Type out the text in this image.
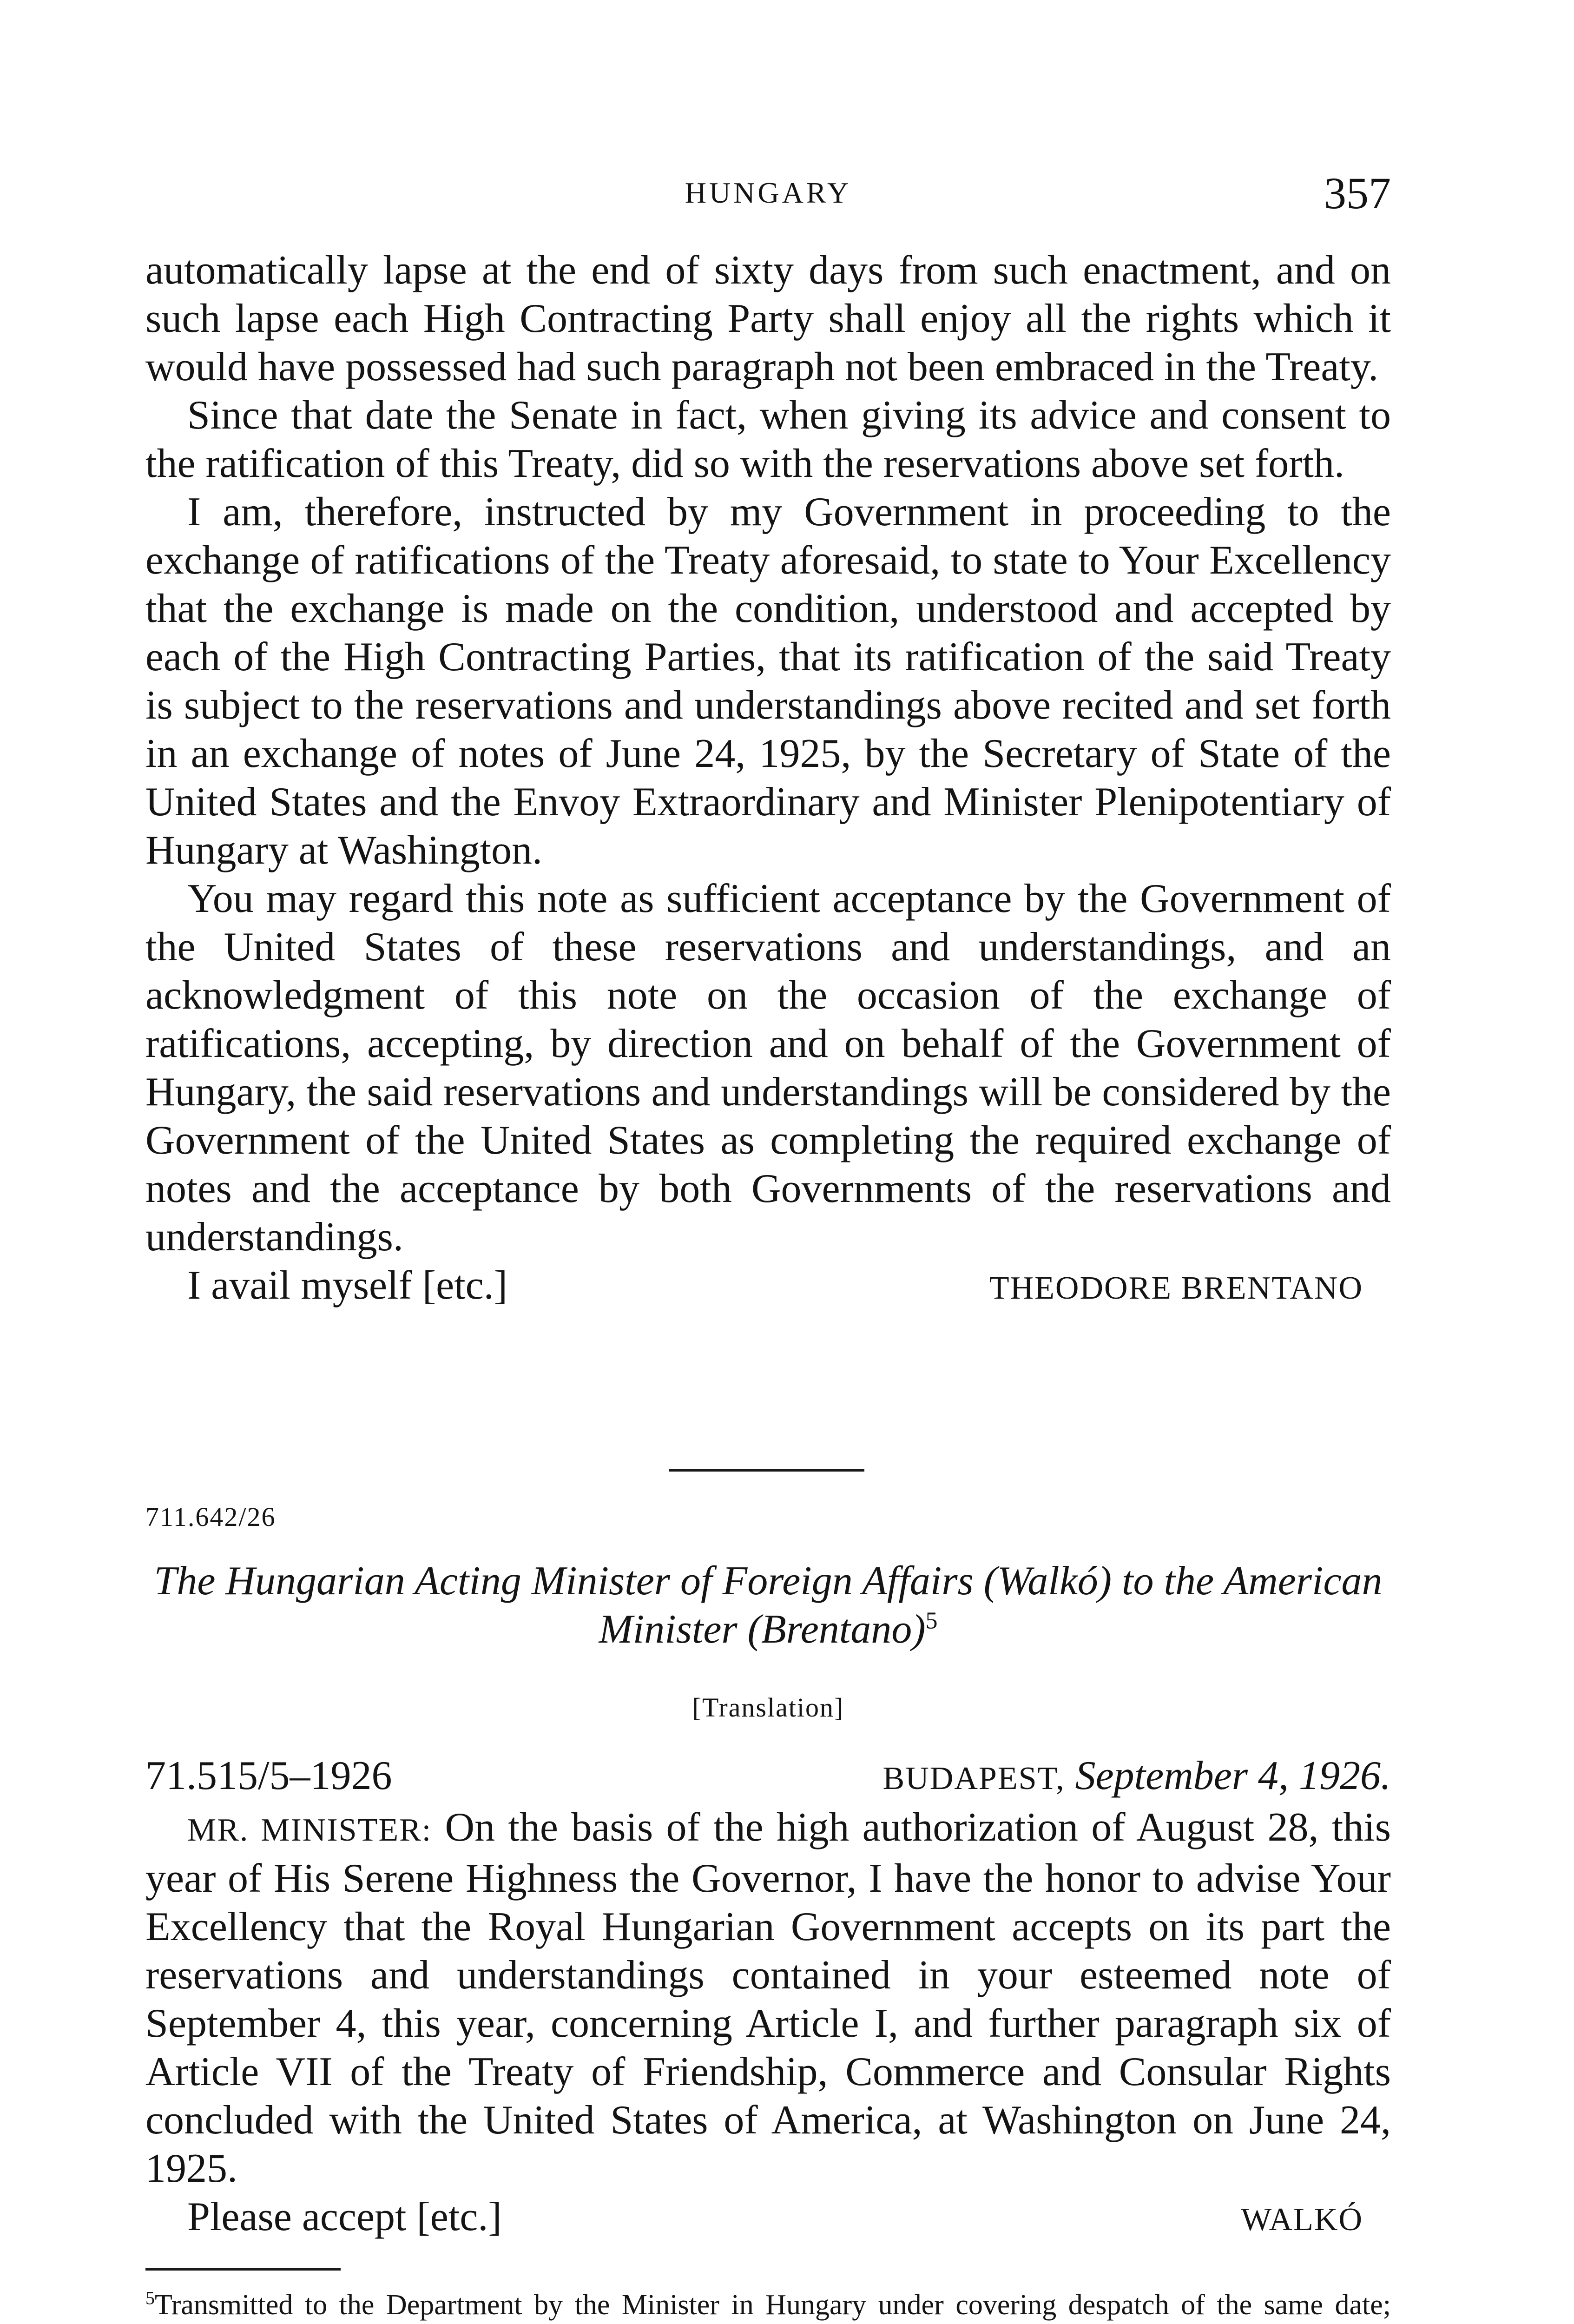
HUNGARY	357

automatically lapse at the end of sixty days from such enactment, and on such lapse each High Contracting Party shall enjoy all the rights which it would have possessed had such paragraph not been embraced in the Treaty.

Since that date the Senate in fact, when giving its advice and consent to the ratification of this Treaty, did so with the reservations above set forth.

I am, therefore, instructed by my Government in proceeding to the exchange of ratifications of the Treaty aforesaid, to state to Your Excellency that the exchange is made on the condition, understood and accepted by each of the High Contracting Parties, that its ratification of the said Treaty is subject to the reservations and understandings above recited and set forth in an exchange of notes of June 24, 1925, by the Secretary of State of the United States and the Envoy Extraordinary and Minister Plenipotentiary of Hungary at Washington.

You may regard this note as sufficient acceptance by the Government of the United States of these reservations and understandings, and an acknowledgment of this note on the occasion of the exchange of ratifications, accepting, by direction and on behalf of the Government of Hungary, the said reservations and understandings will be considered by the Government of the United States as completing the required exchange of notes and the acceptance by both Governments of the reservations and understandings.

I avail myself [etc.]	THEODORE BRENTANO
711.642/26
The Hungarian Acting Minister of Foreign Affairs (Walkó) to the American Minister (Brentano)$^5$
[Translation]
71.515/5–1926	BUDAPEST, September 4, 1926.

MR. MINISTER: On the basis of the high authorization of August 28, this year of His Serene Highness the Governor, I have the honor to advise Your Excellency that the Royal Hungarian Government accepts on its part the reservations and understandings contained in your esteemed note of September 4, this year, concerning Article I, and further paragraph six of Article VII of the Treaty of Friendship, Commerce and Consular Rights concluded with the United States of America, at Washington on June 24, 1925.

Please accept [etc.]	WALKÓ
$^5$Transmitted to the Department by the Minister in Hungary under covering despatch of the same date;
